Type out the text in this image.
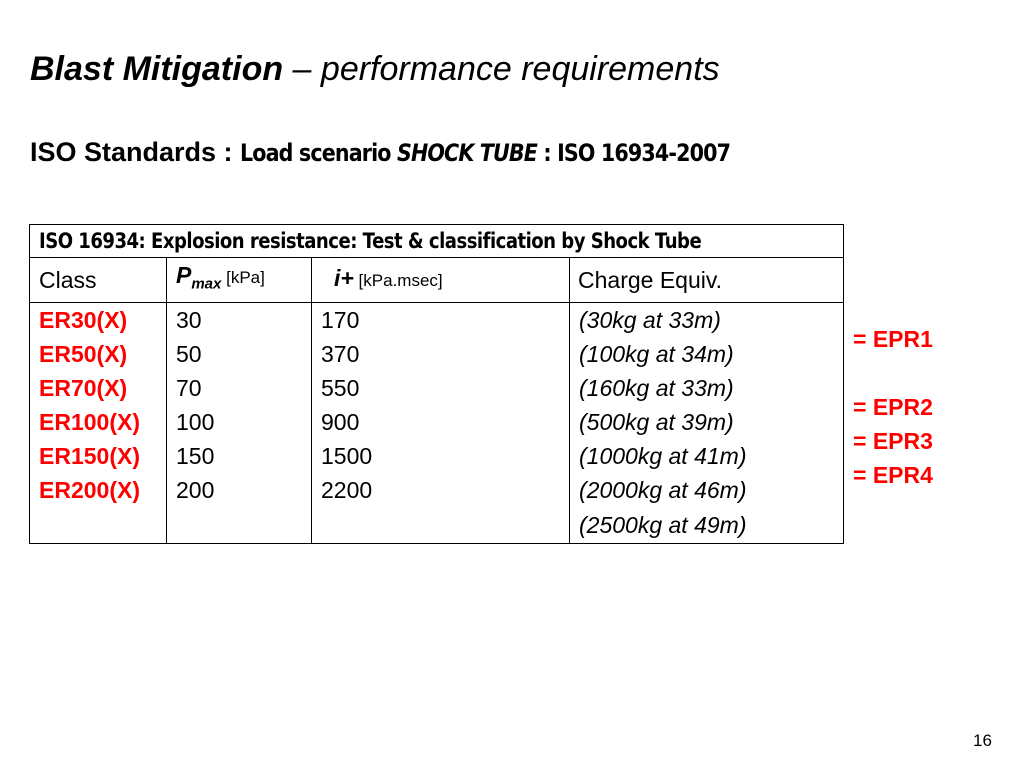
Blast Mitigation – performance requirements
ISO Standards : Load scenario SHOCK TUBE : ISO 16934-2007
ISO 16934: Explosion resistance: Test & classification by Shock Tube			
Class	$P_{max}$ [kPa]	i+ [kPa.msec]	Charge Equiv.
ER30(X)	30	170	(30kg at 33m)
ER50(X)	50	370	(100kg at 34m)
ER70(X)	70	550	(160kg at 33m)
ER100(X)	100	900	(500kg at 39m)
ER150(X)	150	1500	(1000kg at 41m)
ER200(X)	200	2200	(2000kg at 46m)
			(2500kg at 49m)
= EPR1
= EPR2
= EPR3
= EPR4
16
